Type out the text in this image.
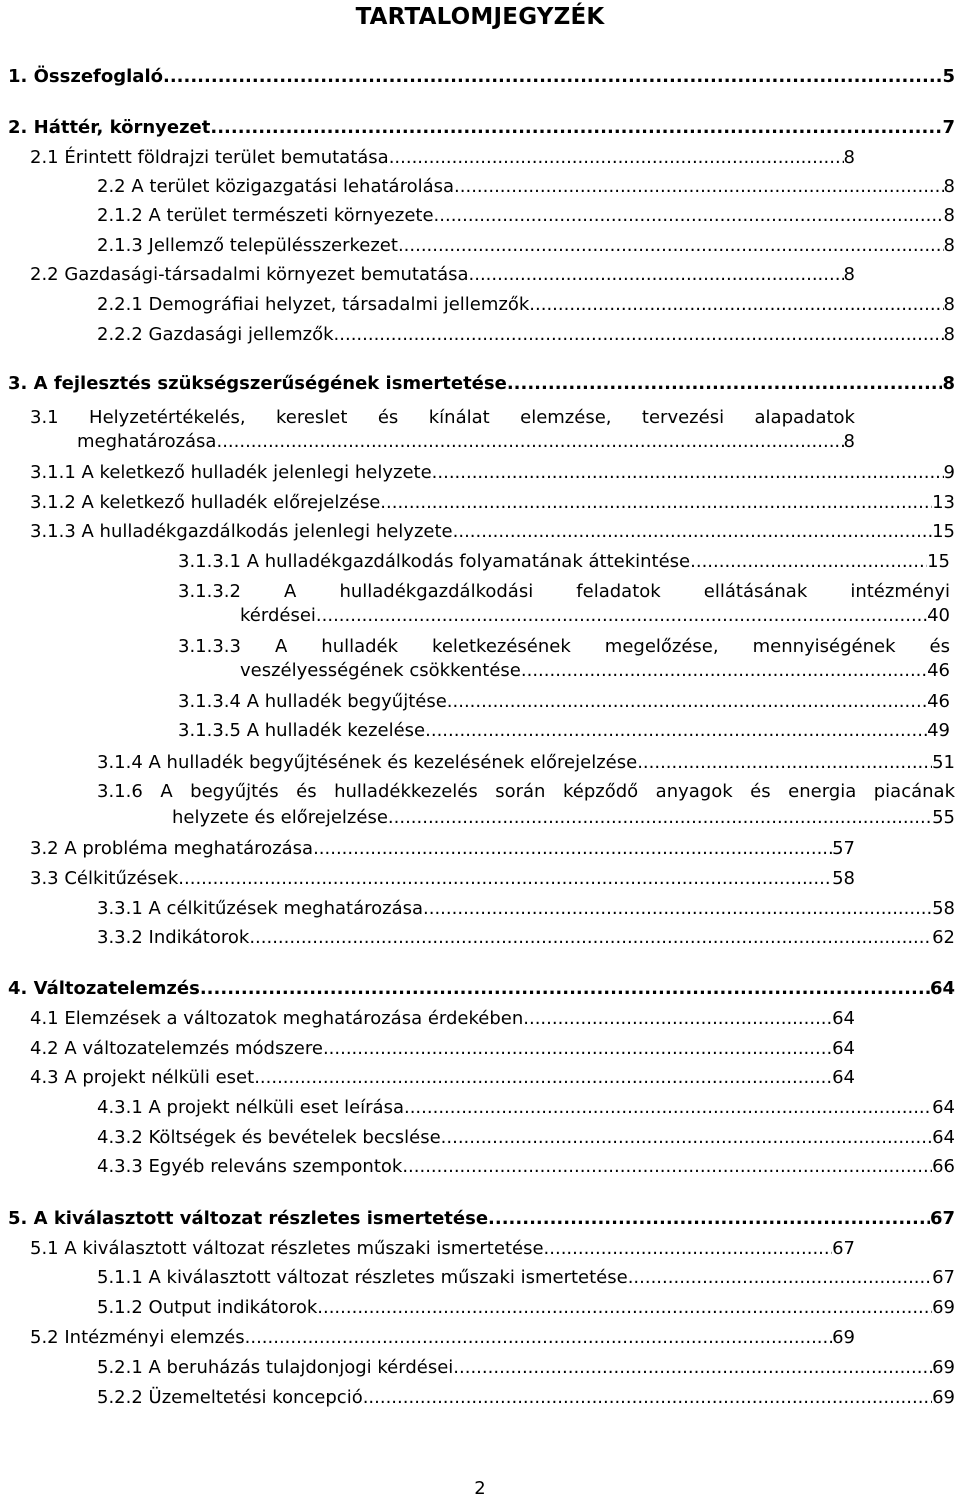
TARTALOMJEGYZÉK
1. Összefoglaló .....	5
2. Háttér, környezet. .....	7
2.1 Érintett földrajzi terület bemutatása .....	8
2.2 A terület közigazgatási lehatárolása .....	8
2.1.2 A terület természeti környezete .....	8
2.1.3 Jellemző településszerkezet .....	8
2.2 Gazdasági-társadalmi környezet bemutatása .....	8
2.2.1 Demográfiai helyzet, társadalmi jellemzők .....	8
2.2.2 Gazdasági jellemzők .....	8
3. A fejlesztés szükségszerűségének ismertetése .....	8
3.1 Helyzetértékelés, kereslet és kínálat elemzése, tervezési alapadatok
meghatározása .....	8
3.1.1 A keletkező hulladék jelenlegi helyzete .....	9
3.1.2 A keletkező hulladék előrejelzése .....	13
3.1.3 A hulladékgazdálkodás jelenlegi helyzete .....	15
3.1.3.1 A hulladékgazdálkodás folyamatának áttekintése .....	15
3.1.3.2 A hulladékgazdálkodási feladatok ellátásának intézményi
kérdései .....	40
3.1.3.3 A hulladék keletkezésének megelőzése, mennyiségének és
veszélyességének csökkentése .....	46
3.1.3.4 A hulladék begyűjtése .....	46
3.1.3.5 A hulladék kezelése .....	49
3.1.4 A hulladék begyűjtésének és kezelésének előrejelzése .....	51
3.1.6 A begyűjtés és hulladékkezelés során képződő anyagok és energia piacának
helyzete és előrejelzése .....	55
3.2 A probléma meghatározása .....	57
3.3 Célkitűzések .....	58
3.3.1 A célkitűzések meghatározása .....	58
3.3.2 Indikátorok .....	62
4. Változatelemzés .....	64
4.1 Elemzések a változatok meghatározása érdekében .....	64
4.2 A változatelemzés módszere .....	64
4.3 A projekt nélküli eset .....	64
4.3.1 A projekt nélküli eset leírása .....	64
4.3.2 Költségek és bevételek becslése .....	64
4.3.3 Egyéb releváns szempontok .....	66
5. A kiválasztott változat részletes ismertetése .....	67
5.1 A kiválasztott változat részletes műszaki ismertetése .....	67
5.1.1 A kiválasztott változat részletes műszaki ismertetése .....	67
5.1.2 Output indikátorok .....	69
5.2 Intézményi elemzés .....	69
5.2.1 A beruházás tulajdonjogi kérdései .....	69
5.2.2 Üzemeltetési koncepció .....	69
2
